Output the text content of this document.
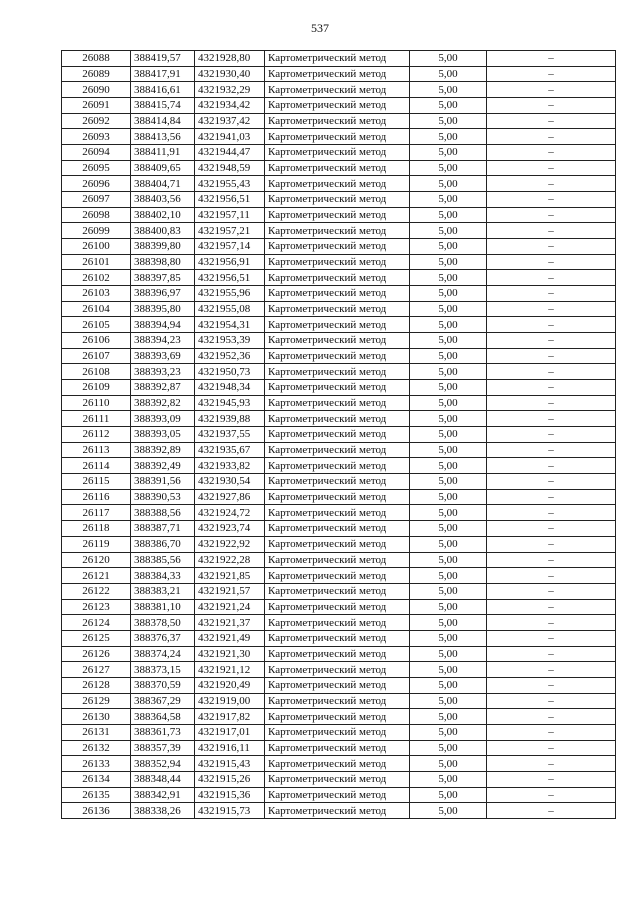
537
26088	388419,57	4321928,80	Картометрический метод	5,00	–
26089	388417,91	4321930,40	Картометрический метод	5,00	–
26090	388416,61	4321932,29	Картометрический метод	5,00	–
26091	388415,74	4321934,42	Картометрический метод	5,00	–
26092	388414,84	4321937,42	Картометрический метод	5,00	–
26093	388413,56	4321941,03	Картометрический метод	5,00	–
26094	388411,91	4321944,47	Картометрический метод	5,00	–
26095	388409,65	4321948,59	Картометрический метод	5,00	–
26096	388404,71	4321955,43	Картометрический метод	5,00	–
26097	388403,56	4321956,51	Картометрический метод	5,00	–
26098	388402,10	4321957,11	Картометрический метод	5,00	–
26099	388400,83	4321957,21	Картометрический метод	5,00	–
26100	388399,80	4321957,14	Картометрический метод	5,00	–
26101	388398,80	4321956,91	Картометрический метод	5,00	–
26102	388397,85	4321956,51	Картометрический метод	5,00	–
26103	388396,97	4321955,96	Картометрический метод	5,00	–
26104	388395,80	4321955,08	Картометрический метод	5,00	–
26105	388394,94	4321954,31	Картометрический метод	5,00	–
26106	388394,23	4321953,39	Картометрический метод	5,00	–
26107	388393,69	4321952,36	Картометрический метод	5,00	–
26108	388393,23	4321950,73	Картометрический метод	5,00	–
26109	388392,87	4321948,34	Картометрический метод	5,00	–
26110	388392,82	4321945,93	Картометрический метод	5,00	–
26111	388393,09	4321939,88	Картометрический метод	5,00	–
26112	388393,05	4321937,55	Картометрический метод	5,00	–
26113	388392,89	4321935,67	Картометрический метод	5,00	–
26114	388392,49	4321933,82	Картометрический метод	5,00	–
26115	388391,56	4321930,54	Картометрический метод	5,00	–
26116	388390,53	4321927,86	Картометрический метод	5,00	–
26117	388388,56	4321924,72	Картометрический метод	5,00	–
26118	388387,71	4321923,74	Картометрический метод	5,00	–
26119	388386,70	4321922,92	Картометрический метод	5,00	–
26120	388385,56	4321922,28	Картометрический метод	5,00	–
26121	388384,33	4321921,85	Картометрический метод	5,00	–
26122	388383,21	4321921,57	Картометрический метод	5,00	–
26123	388381,10	4321921,24	Картометрический метод	5,00	–
26124	388378,50	4321921,37	Картометрический метод	5,00	–
26125	388376,37	4321921,49	Картометрический метод	5,00	–
26126	388374,24	4321921,30	Картометрический метод	5,00	–
26127	388373,15	4321921,12	Картометрический метод	5,00	–
26128	388370,59	4321920,49	Картометрический метод	5,00	–
26129	388367,29	4321919,00	Картометрический метод	5,00	–
26130	388364,58	4321917,82	Картометрический метод	5,00	–
26131	388361,73	4321917,01	Картометрический метод	5,00	–
26132	388357,39	4321916,11	Картометрический метод	5,00	–
26133	388352,94	4321915,43	Картометрический метод	5,00	–
26134	388348,44	4321915,26	Картометрический метод	5,00	–
26135	388342,91	4321915,36	Картометрический метод	5,00	–
26136	388338,26	4321915,73	Картометрический метод	5,00	–
